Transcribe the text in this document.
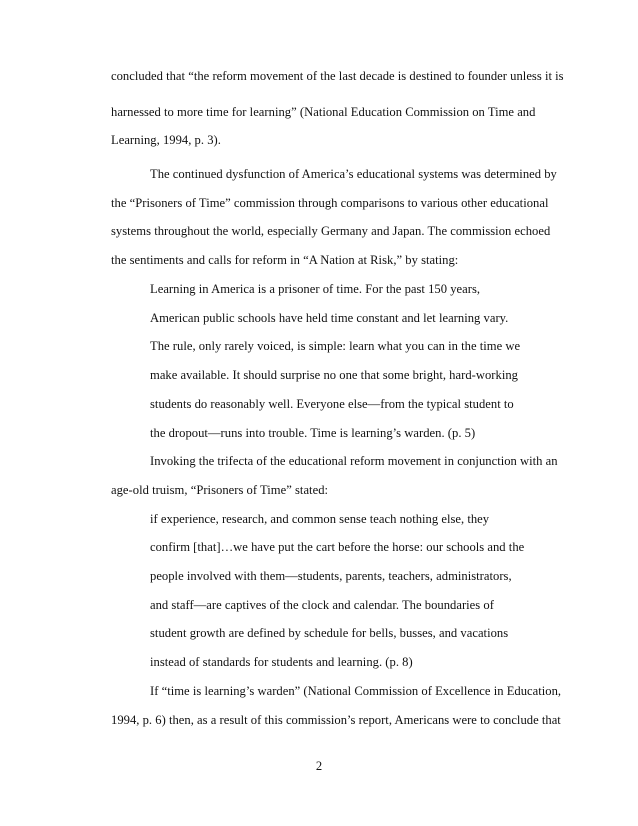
concluded that “the reform movement of the last decade is destined to founder unless it is
harnessed to more time for learning” (National Education Commission on Time and
Learning, 1994, p. 3).
The continued dysfunction of America’s educational systems was determined by
the “Prisoners of Time” commission through comparisons to various other educational
systems throughout the world, especially Germany and Japan. The commission echoed
the sentiments and calls for reform in “A Nation at Risk,” by stating:
Learning in America is a prisoner of time. For the past 150 years,
American public schools have held time constant and let learning vary.
The rule, only rarely voiced, is simple: learn what you can in the time we
make available. It should surprise no one that some bright, hard-working
students do reasonably well. Everyone else—from the typical student to
the dropout—runs into trouble. Time is learning’s warden. (p. 5)
Invoking the trifecta of the educational reform movement in conjunction with an
age-old truism, “Prisoners of Time” stated:
if experience, research, and common sense teach nothing else, they
confirm [that]…we have put the cart before the horse: our schools and the
people involved with them—students, parents, teachers, administrators,
and staff—are captives of the clock and calendar. The boundaries of
student growth are defined by schedule for bells, busses, and vacations
instead of standards for students and learning. (p. 8)
If “time is learning’s warden” (National Commission of Excellence in Education,
1994, p. 6) then, as a result of this commission’s report, Americans were to conclude that
2
